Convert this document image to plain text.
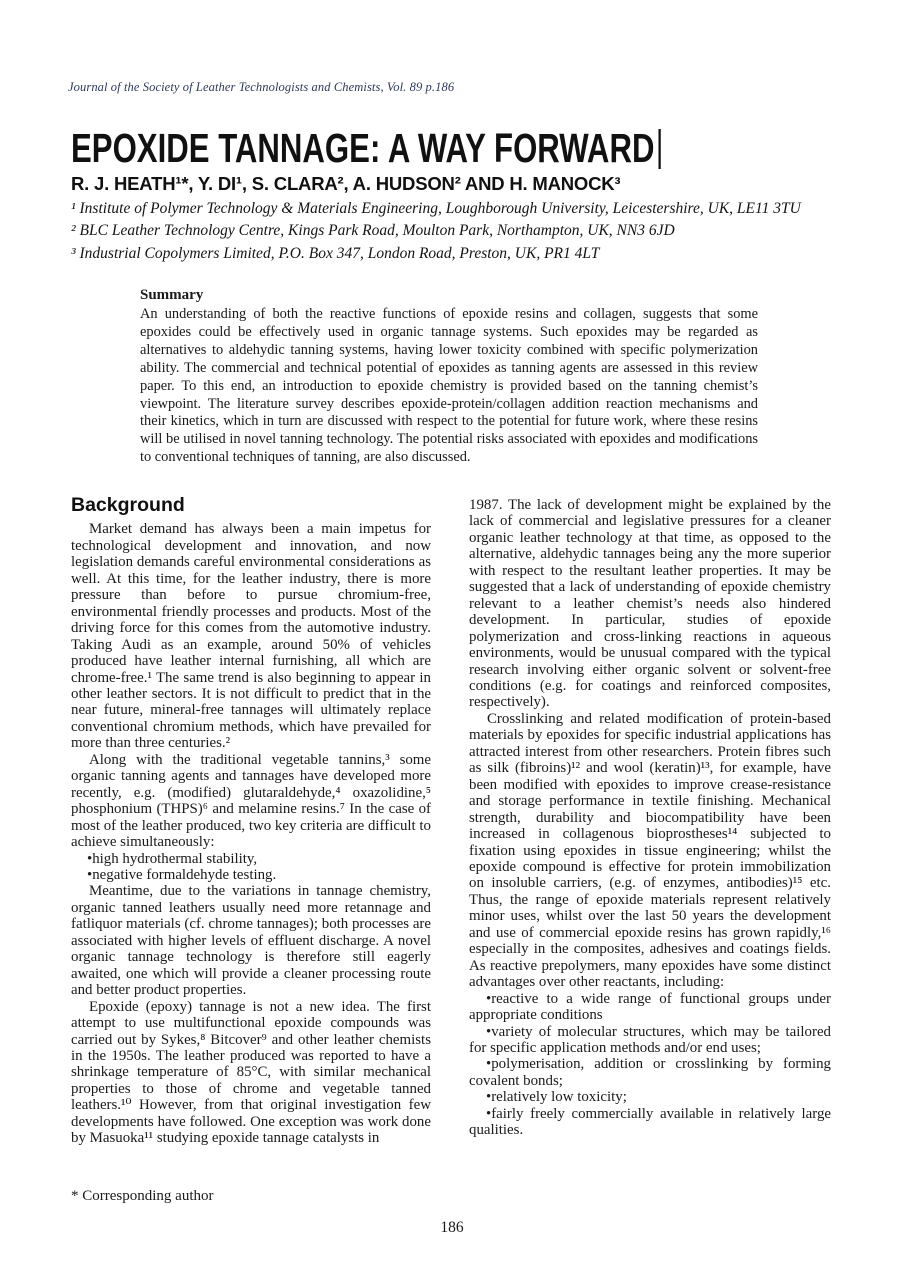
Journal of the Society of Leather Technologists and Chemists, Vol. 89 p.186
EPOXIDE TANNAGE: A WAY FORWARD
R. J. HEATH¹*, Y. DI¹, S. CLARA², A. HUDSON² AND H. MANOCK³
¹ Institute of Polymer Technology & Materials Engineering, Loughborough University, Leicestershire, UK, LE11 3TU
² BLC Leather Technology Centre, Kings Park Road, Moulton Park, Northampton, UK, NN3 6JD
³ Industrial Copolymers Limited, P.O. Box 347, London Road, Preston, UK, PR1 4LT
Summary

An understanding of both the reactive functions of epoxide resins and collagen, suggests that some epoxides could be effectively used in organic tannage systems. Such epoxides may be regarded as alternatives to aldehydic tanning systems, having lower toxicity combined with specific polymerization ability. The commercial and technical potential of epoxides as tanning agents are assessed in this review paper. To this end, an introduction to epoxide chemistry is provided based on the tanning chemist’s viewpoint. The literature survey describes epoxide-protein/collagen addition reaction mechanisms and their kinetics, which in turn are discussed with respect to the potential for future work, where these resins will be utilised in novel tanning technology. The potential risks associated with epoxides and modifications to conventional techniques of tanning, are also discussed.

Background

Market demand has always been a main impetus for technological development and innovation, and now legislation demands careful environmental considerations as well. At this time, for the leather industry, there is more pressure than before to pursue chromium-free, environmental friendly processes and products. Most of the driving force for this comes from the automotive industry. Taking Audi as an example, around 50% of vehicles produced have leather internal furnishing, all which are chrome-free.¹ The same trend is also beginning to appear in other leather sectors. It is not difficult to predict that in the near future, mineral-free tannages will ultimately replace conventional chromium methods, which have prevailed for more than three centuries.²

Along with the traditional vegetable tannins,³ some organic tanning agents and tannages have developed more recently, e.g. (modified) glutaraldehyde,⁴ oxazolidine,⁵ phosphonium (THPS)⁶ and melamine resins.⁷ In the case of most of the leather produced, two key criteria are difficult to achieve simultaneously:

• high hydrothermal stability,
• negative formaldehyde testing.

Meantime, due to the variations in tannage chemistry, organic tanned leathers usually need more retannage and fatliquor materials (cf. chrome tannages); both processes are associated with higher levels of effluent discharge. A novel organic tannage technology is therefore still eagerly awaited, one which will provide a cleaner processing route and better product properties.

Epoxide (epoxy) tannage is not a new idea. The first attempt to use multifunctional epoxide compounds was carried out by Sykes,⁸ Bitcover⁹ and other leather chemists in the 1950s. The leather produced was reported to have a shrinkage temperature of 85°C, with similar mechanical properties to those of chrome and vegetable tanned leathers.¹⁰ However, from that original investigation few developments have followed. One exception was work done by Masuoka¹¹ studying epoxide tannage catalysts in

1987. The lack of development might be explained by the lack of commercial and legislative pressures for a cleaner organic leather technology at that time, as opposed to the alternative, aldehydic tannages being any the more superior with respect to the resultant leather properties. It may be suggested that a lack of understanding of epoxide chemistry relevant to a leather chemist’s needs also hindered development. In particular, studies of epoxide polymerization and cross-linking reactions in aqueous environments, would be unusual compared with the typical research involving either organic solvent or solvent-free conditions (e.g. for coatings and reinforced composites, respectively).

Crosslinking and related modification of protein-based materials by epoxides for specific industrial applications has attracted interest from other researchers. Protein fibres such as silk (fibroins)¹² and wool (keratin)¹³, for example, have been modified with epoxides to improve crease-resistance and storage performance in textile finishing. Mechanical strength, durability and biocompatibility have been increased in collagenous bioprostheses¹⁴ subjected to fixation using epoxides in tissue engineering; whilst the epoxide compound is effective for protein immobilization on insoluble carriers, (e.g. of enzymes, antibodies)¹⁵ etc. Thus, the range of epoxide materials represent relatively minor uses, whilst over the last 50 years the development and use of commercial epoxide resins has grown rapidly,¹⁶ especially in the composites, adhesives and coatings fields. As reactive prepolymers, many epoxides have some distinct advantages over other reactants, including:

• reactive to a wide range of functional groups under appropriate conditions

• variety of molecular structures, which may be tailored for specific application methods and/or end uses;

• polymerisation, addition or crosslinking by forming covalent bonds;

• relatively low toxicity;

• fairly freely commercially available in relatively large qualities.

* Corresponding author
186
